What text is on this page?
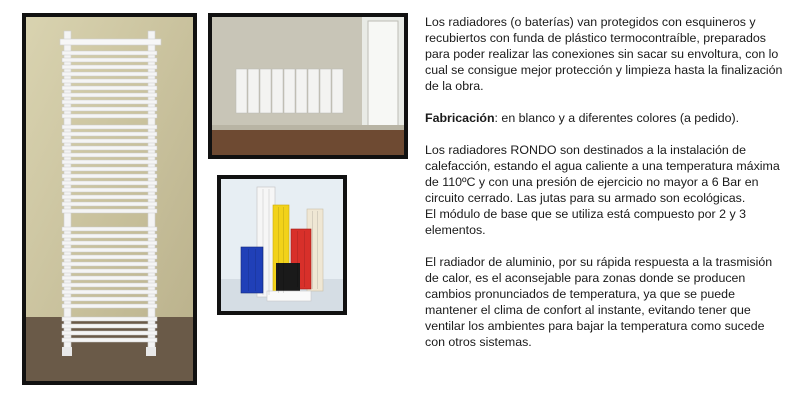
Los radiadores (o baterías) van protegidos con esquineros y recubiertos con funda de plástico termocontraíble, preparados para poder realizar las conexiones sin sacar su envoltura, con lo cual se consigue mejor protección y limpieza hasta la finalización de la obra.

Fabricación: en blanco y a diferentes colores (a pedido).

Los radiadores RONDO son destinados a la instalación de calefacción, estando el agua caliente a una temperatura máxima de 110ºC y con una presión de ejercicio no mayor a 6 Bar en circuito cerrado. Las jutas para su armado son ecológicas.
El módulo de base que se utiliza está compuesto por 2 y 3 elementos.

El radiador de aluminio, por su rápida respuesta a la trasmisión de calor, es el aconsejable para zonas donde se producen cambios pronunciados de temperatura, ya que se puede mantener el clima de confort al instante, evitando tener que ventilar los ambientes para bajar la temperatura como sucede con otros sistemas.
